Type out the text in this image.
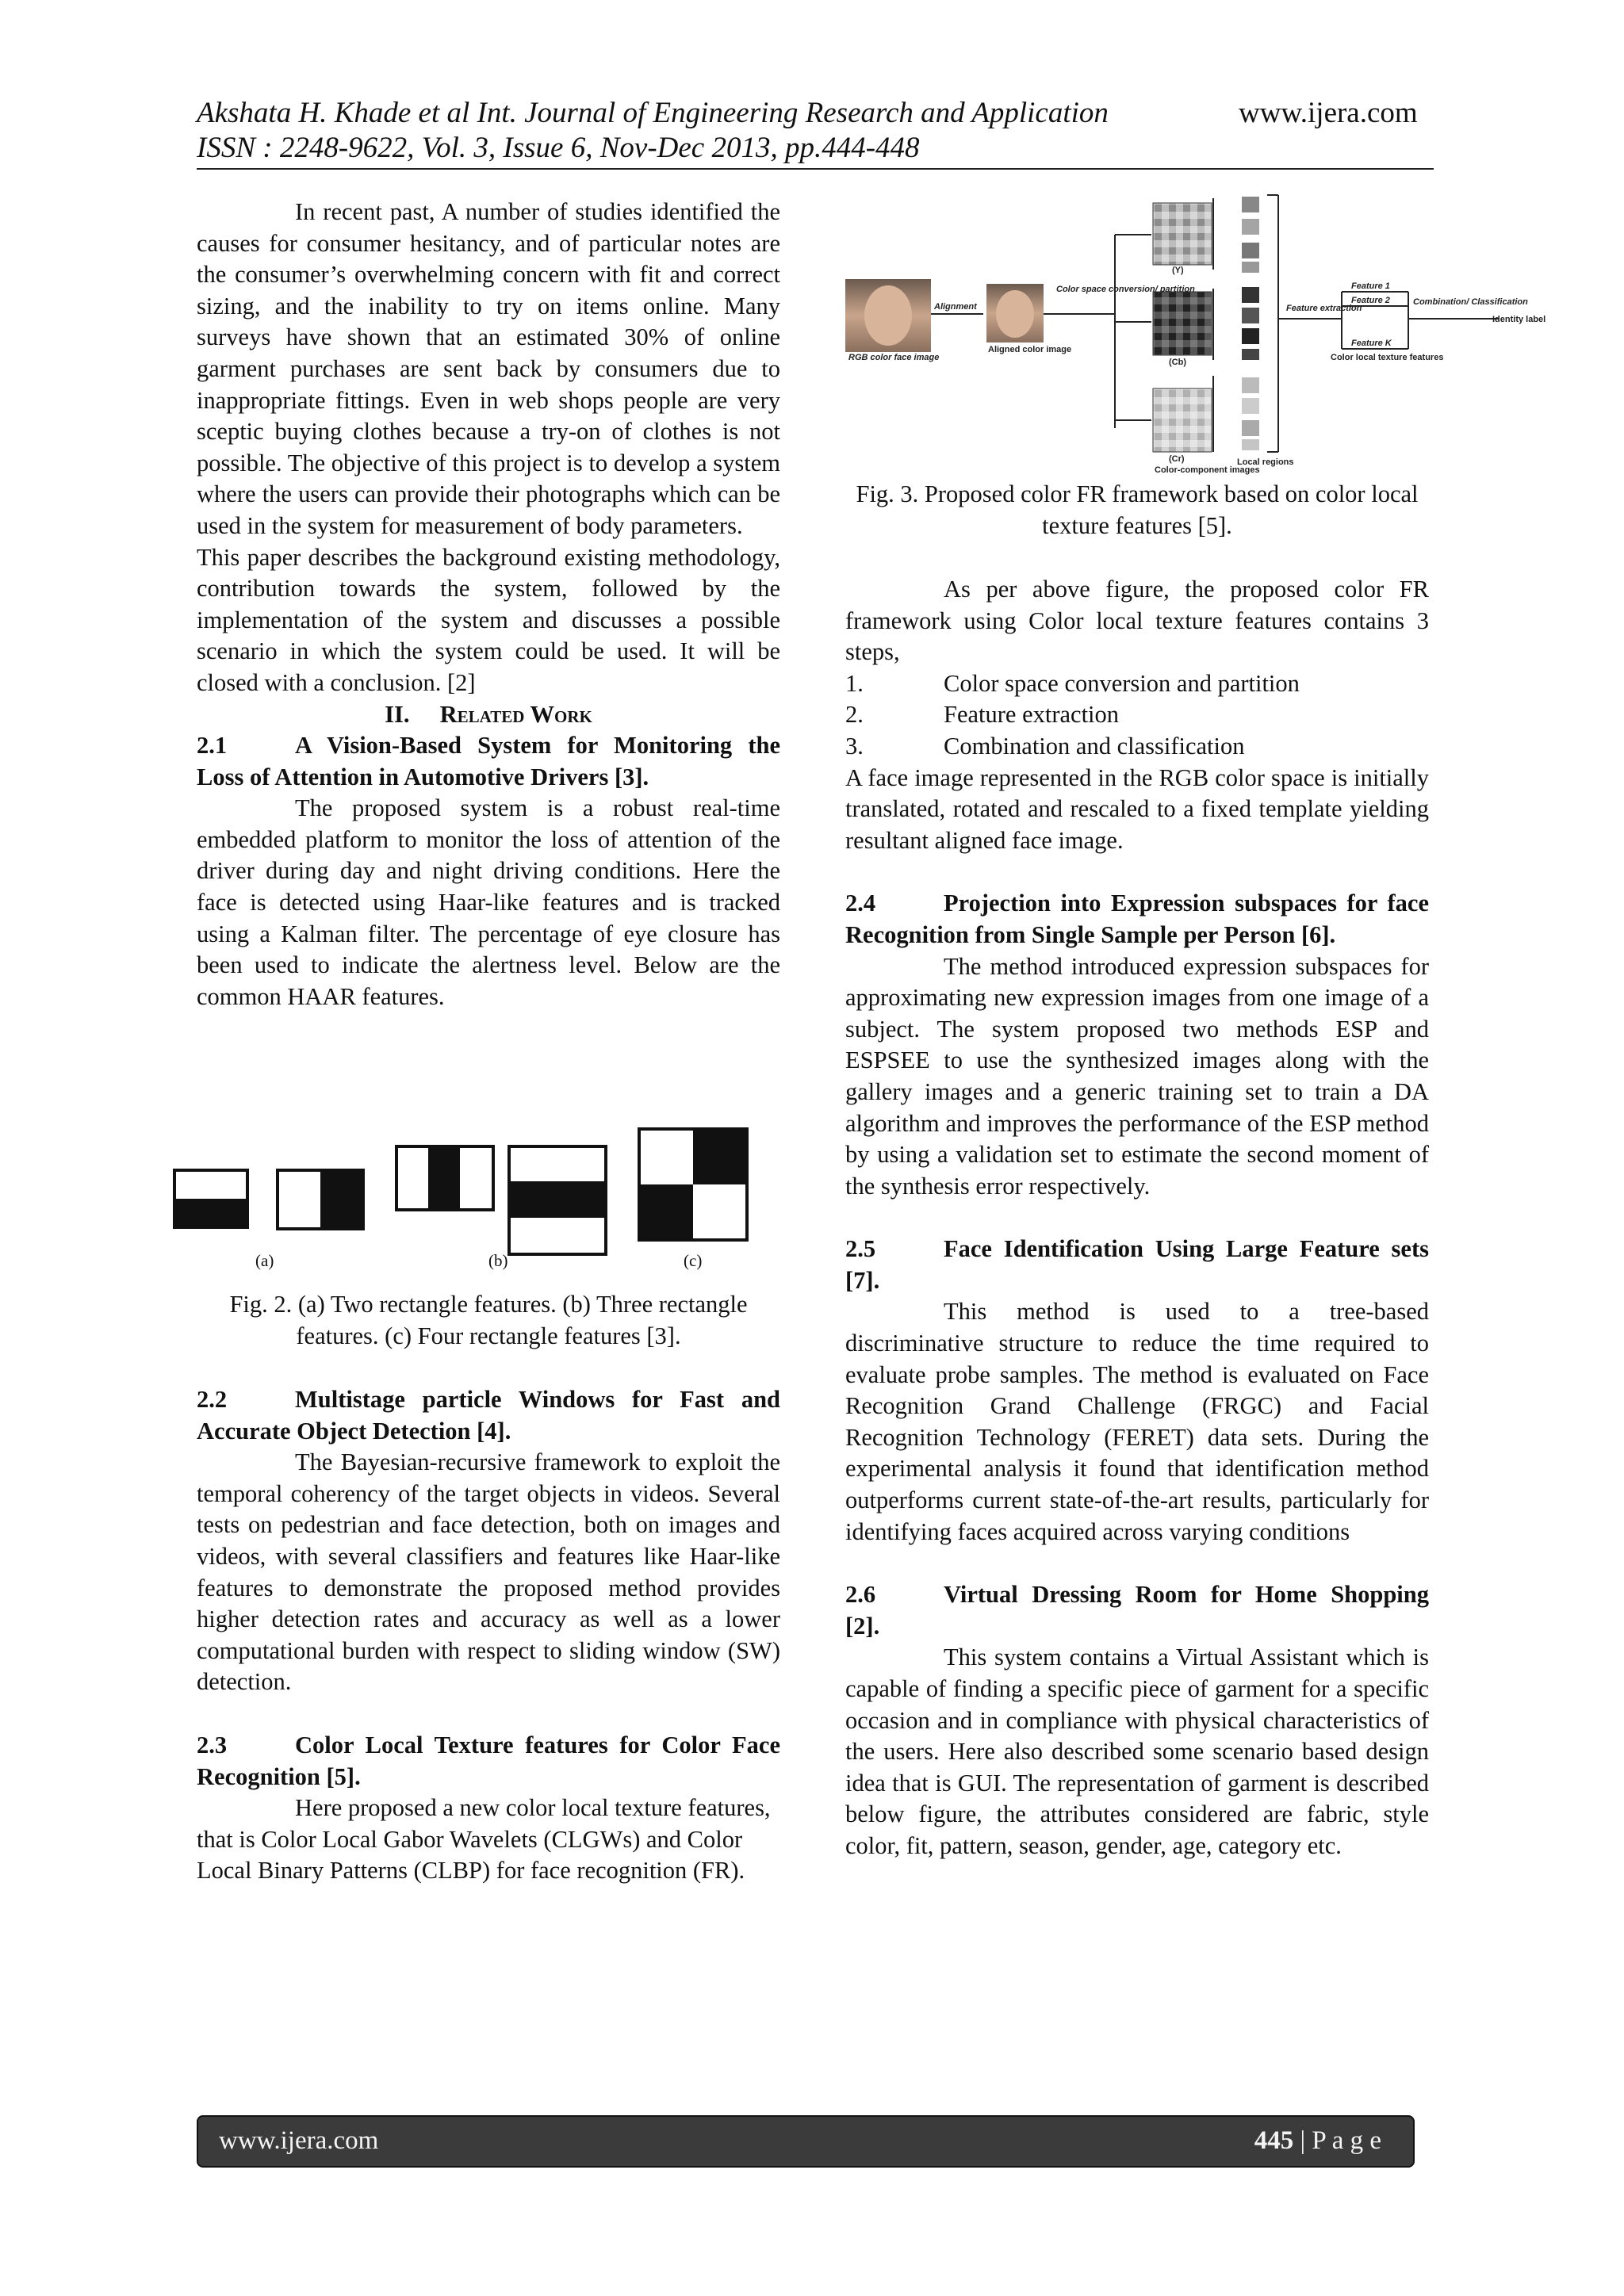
Akshata H. Khade et al Int. Journal of Engineering Research and Application	www.ijera.com
ISSN : 2248-9622, Vol. 3, Issue 6, Nov-Dec 2013, pp.444-448

In recent past, A number of studies identified the causes for consumer hesitancy, and of particular notes are the consumer’s overwhelming concern with fit and correct sizing, and the inability to try on items online. Many surveys have shown that an estimated 30% of online garment purchases are sent back by consumers due to inappropriate fittings. Even in web shops people are very sceptic buying clothes because a try-on of clothes is not possible. The objective of this project is to develop a system where the users can provide their photographs which can be used in the system for measurement of body parameters.

This paper describes the background existing methodology, contribution towards the system, followed by the implementation of the system and discusses a possible scenario in which the system could be used. It will be closed with a conclusion. [2]

II. Related Work

2.1	A Vision-Based System for Monitoring the Loss of Attention in Automotive Drivers [3].

The proposed system is a robust real-time embedded platform to monitor the loss of attention of the driver during day and night driving conditions. Here the face is detected using Haar-like features and is tracked using a Kalman filter. The percentage of eye closure has been used to indicate the alertness level. Below are the common HAAR features.

(a)	(b)	(c)
Fig. 2. (a) Two rectangle features. (b) Three rectangle features. (c) Four rectangle features [3].

2.2	Multistage particle Windows for Fast and Accurate Object Detection [4].

The Bayesian-recursive framework to exploit the temporal coherency of the target objects in videos. Several tests on pedestrian and face detection, both on images and videos, with several classifiers and features like Haar-like features to demonstrate the proposed method provides higher detection rates and accuracy as well as a lower computational burden with respect to sliding window (SW) detection.

2.3	Color Local Texture features for Color Face Recognition [5].

Here proposed a new color local texture features, that is Color Local Gabor Wavelets (CLGWs) and Color Local Binary Patterns (CLBP) for face recognition (FR).

RGB color face image
Alignment
Aligned color image
Color space conversion/ partition
(Y)
(Cb)
(Cr)
Color-component images
Local regions
Feature extraction
Feature 1
Feature 2
Feature K
Color local texture features
Combination/ Classification
Identity label
Fig. 3. Proposed color FR framework based on color local texture features [5].

As per above figure, the proposed color FR framework using Color local texture features contains 3 steps,

1.	Color space conversion and partition
2.	Feature extraction
3.	Combination and classification

A face image represented in the RGB color space is initially translated, rotated and rescaled to a fixed template yielding resultant aligned face image.

2.4	Projection into Expression subspaces for face Recognition from Single Sample per Person [6].

The method introduced expression subspaces for approximating new expression images from one image of a subject. The system proposed two methods ESP and ESPSEE to use the synthesized images along with the gallery images and a generic training set to train a DA algorithm and improves the performance of the ESP method by using a validation set to estimate the second moment of the synthesis error respectively.

2.5	Face Identification Using Large Feature sets [7].

This method is used to a tree-based discriminative structure to reduce the time required to evaluate probe samples. The method is evaluated on Face Recognition Grand Challenge (FRGC) and Facial Recognition Technology (FERET) data sets. During the experimental analysis it found that identification method outperforms current state-of-the-art results, particularly for identifying faces acquired across varying conditions

2.6	Virtual Dressing Room for Home Shopping [2].

This system contains a Virtual Assistant which is capable of finding a specific piece of garment for a specific occasion and in compliance with physical characteristics of the users. Here also described some scenario based design idea that is GUI. The representation of garment is described below figure, the attributes considered are fabric, style color, fit, pattern, season, gender, age, category etc.

www.ijera.com	445 | P a g e
